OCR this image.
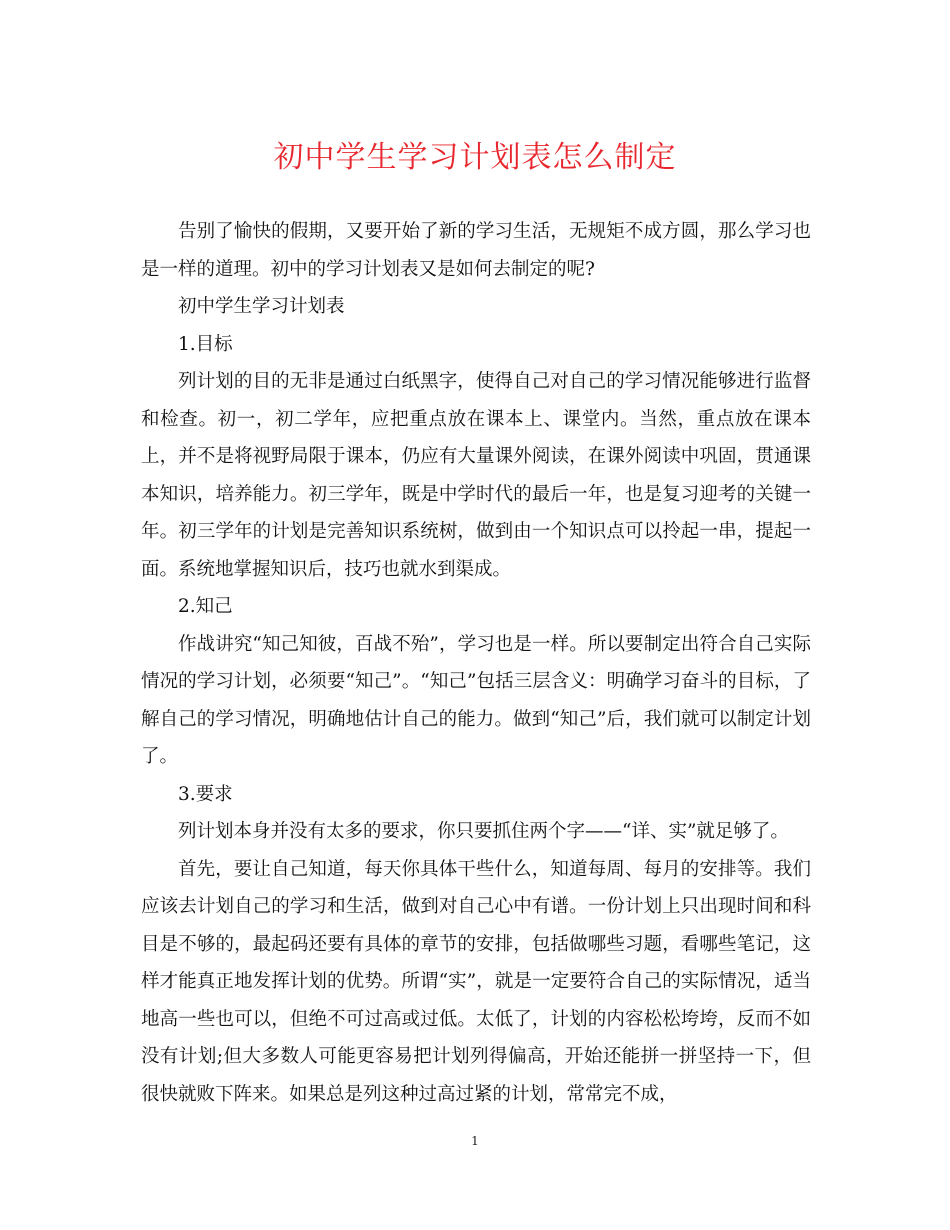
初中学生学习计划表怎么制定

告别了愉快的假期，又要开始了新的学习生活，无规矩不成方圆，那么学习也是一样的道理。初中的学习计划表又是如何去制定的呢?

初中学生学习计划表

1.目标

列计划的目的无非是通过白纸黑字，使得自己对自己的学习情况能够进行监督和检查。初一，初二学年，应把重点放在课本上、课堂内。当然，重点放在课本上，并不是将视野局限于课本，仍应有大量课外阅读，在课外阅读中巩固，贯通课本知识，培养能力。初三学年，既是中学时代的最后一年，也是复习迎考的关键一年。初三学年的计划是完善知识系统树，做到由一个知识点可以拎起一串，提起一面。系统地掌握知识后，技巧也就水到渠成。

2.知己

作战讲究“知己知彼，百战不殆”，学习也是一样。所以要制定出符合自己实际情况的学习计划，必须要“知己”。“知己”包括三层含义：明确学习奋斗的目标，了解自己的学习情况，明确地估计自己的能力。做到“知己”后，我们就可以制定计划了。

3.要求

列计划本身并没有太多的要求，你只要抓住两个字——“详、实”就足够了。

首先，要让自己知道，每天你具体干些什么，知道每周、每月的安排等。我们应该去计划自己的学习和生活，做到对自己心中有谱。一份计划上只出现时间和科目是不够的，最起码还要有具体的章节的安排，包括做哪些习题，看哪些笔记，这样才能真正地发挥计划的优势。所谓“实”，就是一定要符合自己的实际情况，适当地高一些也可以，但绝不可过高或过低。太低了，计划的内容松松垮垮，反而不如没有计划;但大多数人可能更容易把计划列得偏高，开始还能拼一拼坚持一下，但很快就败下阵来。如果总是列这种过高过紧的计划，常常完不成，

1
